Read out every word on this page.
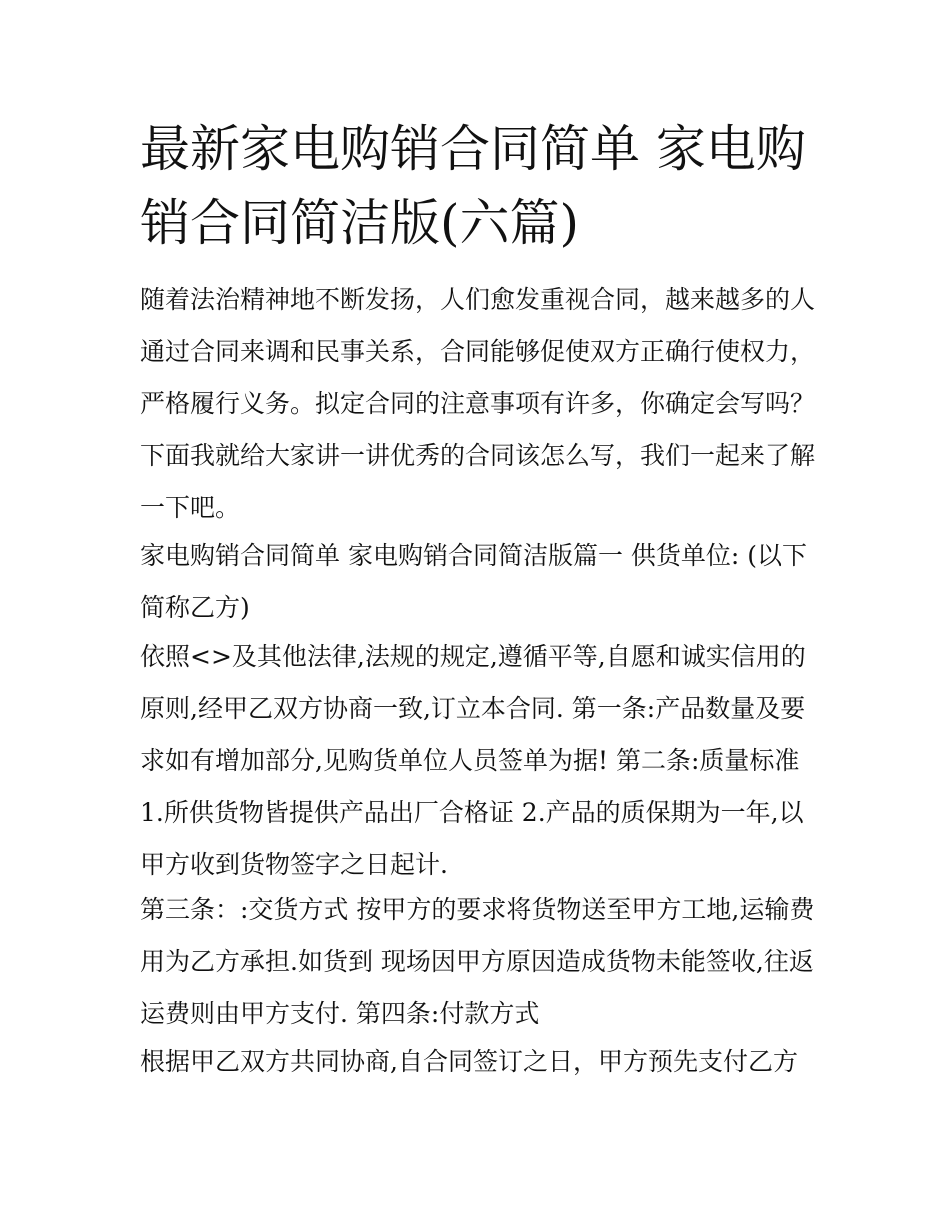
最新家电购销合同简单 家电购销合同简洁版(六篇)

随着法治精神地不断发扬，人们愈发重视合同，越来越多的人通过合同来调和民事关系，合同能够促使双方正确行使权力，严格履行义务。拟定合同的注意事项有许多，你确定会写吗？下面我就给大家讲一讲优秀的合同该怎么写，我们一起来了解一下吧。

家电购销合同简单 家电购销合同简洁版篇一 供货单位: (以下简称乙方)

依照<>及其他法律,法规的规定,遵循平等,自愿和诚实信用的原则,经甲乙双方协商一致,订立本合同. 第一条:产品数量及要求如有增加部分,见购货单位人员签单为据! 第二条:质量标准 1.所供货物皆提供产品出厂合格证 2.产品的质保期为一年,以甲方收到货物签字之日起计.

第三条：:交货方式 按甲方的要求将货物送至甲方工地,运输费用为乙方承担.如货到 现场因甲方原因造成货物未能签收,往返运费则由甲方支付. 第四条:付款方式

根据甲乙双方共同协商,自合同签订之日，甲方预先支付乙方
